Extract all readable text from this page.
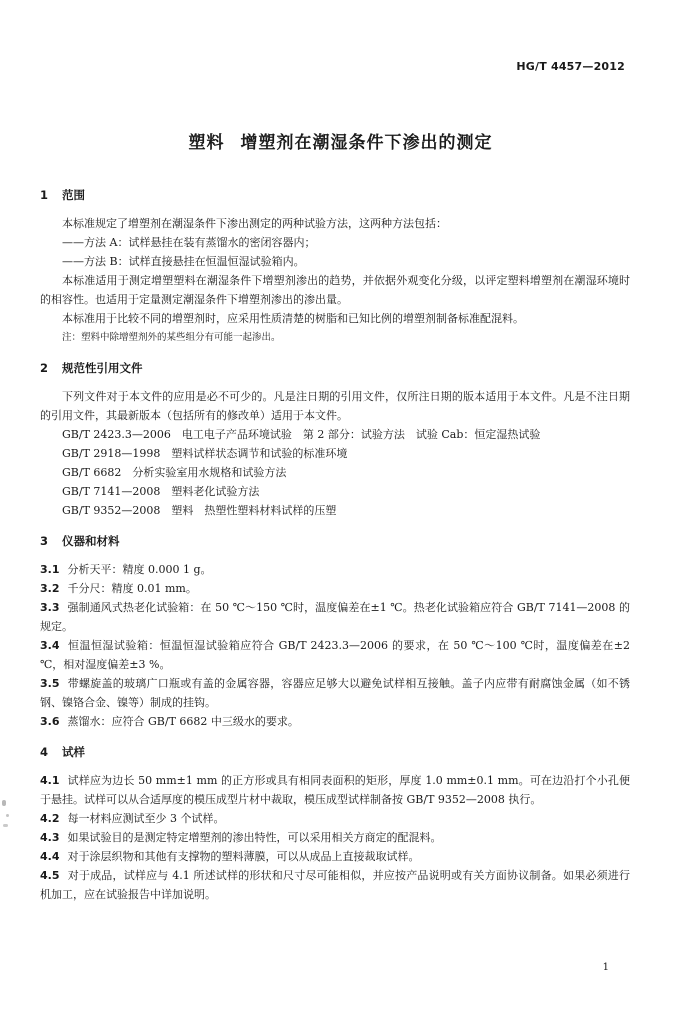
HG/T 4457—2012
塑料 增塑剂在潮湿条件下渗出的测定
1 范围

本标准规定了增塑剂在潮湿条件下渗出测定的两种试验方法，这两种方法包括：

——方法 A：试样悬挂在装有蒸馏水的密闭容器内；

——方法 B：试样直接悬挂在恒温恒湿试验箱内。

本标准适用于测定增塑塑料在潮湿条件下增塑剂渗出的趋势，并依据外观变化分级，以评定塑料增塑剂在潮湿环境时的相容性。也适用于定量测定潮湿条件下增塑剂渗出的渗出量。

本标准用于比较不同的增塑剂时，应采用性质清楚的树脂和已知比例的增塑剂制备标准配混料。

注：塑料中除增塑剂外的某些组分有可能一起渗出。

2 规范性引用文件

下列文件对于本文件的应用是必不可少的。凡是注日期的引用文件，仅所注日期的版本适用于本文件。凡是不注日期的引用文件，其最新版本（包括所有的修改单）适用于本文件。

GB/T 2423.3—2006　电工电子产品环境试验　第 2 部分：试验方法　试验 Cab：恒定湿热试验

GB/T 2918—1998　塑料试样状态调节和试验的标准环境

GB/T 6682　分析实验室用水规格和试验方法

GB/T 7141—2008　塑料老化试验方法

GB/T 9352—2008　塑料　热塑性塑料材料试样的压塑

3 仪器和材料

3.1 分析天平：精度 0.000 1 g。

3.2 千分尺：精度 0.01 mm。

3.3 强制通风式热老化试验箱：在 50 ℃～150 ℃时，温度偏差在±1 ℃。热老化试验箱应符合 GB/T 7141—2008 的规定。

3.4 恒温恒湿试验箱：恒温恒湿试验箱应符合 GB/T 2423.3—2006 的要求，在 50 ℃～100 ℃时，温度偏差在±2 ℃，相对湿度偏差±3 %。

3.5 带螺旋盖的玻璃广口瓶或有盖的金属容器，容器应足够大以避免试样相互接触。盖子内应带有耐腐蚀金属（如不锈钢、镍铬合金、镍等）制成的挂钩。

3.6 蒸馏水：应符合 GB/T 6682 中三级水的要求。

4 试样

4.1 试样应为边长 50 mm±1 mm 的正方形或具有相同表面积的矩形，厚度 1.0 mm±0.1 mm。可在边沿打个小孔便于悬挂。试样可以从合适厚度的模压成型片材中裁取，模压成型试样制备按 GB/T 9352—2008 执行。

4.2 每一材料应测试至少 3 个试样。

4.3 如果试验目的是测定特定增塑剂的渗出特性，可以采用相关方商定的配混料。

4.4 对于涂层织物和其他有支撑物的塑料薄膜，可以从成品上直接裁取试样。

4.5 对于成品，试样应与 4.1 所述试样的形状和尺寸尽可能相似，并应按产品说明或有关方面协议制备。如果必须进行机加工，应在试验报告中详加说明。

1
